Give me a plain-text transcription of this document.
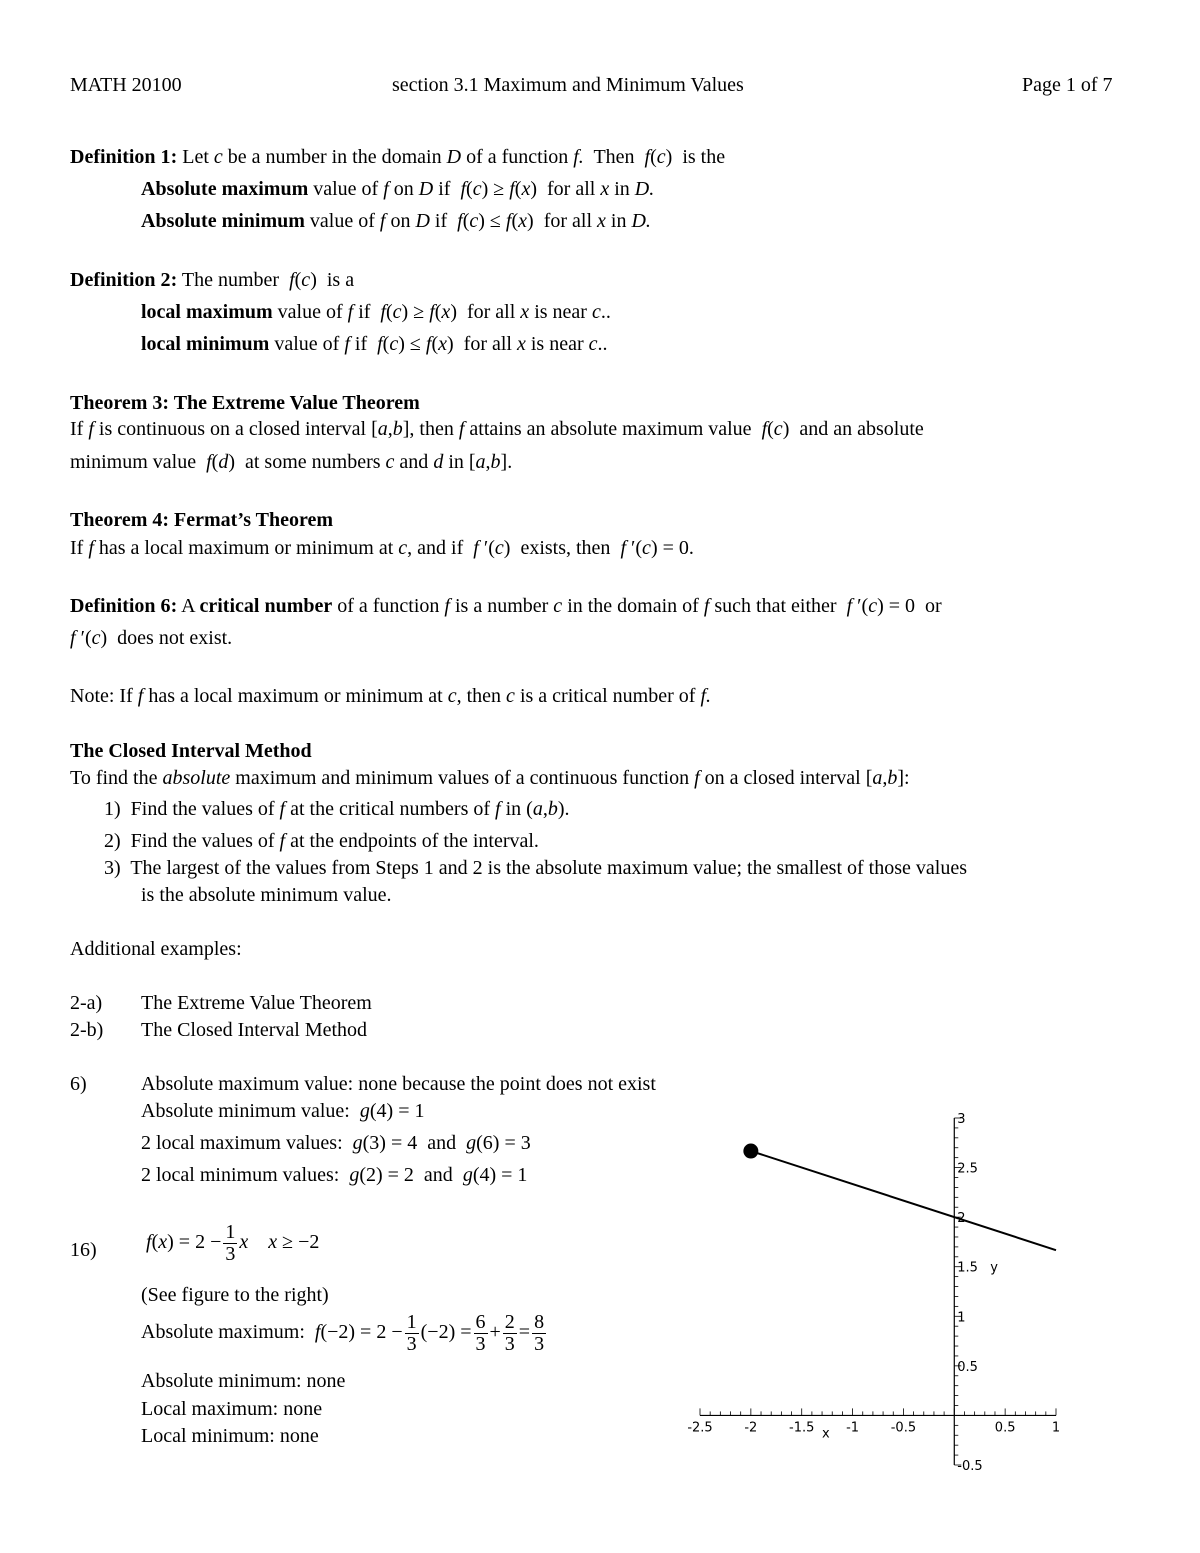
MATH 20100	section 3.1 Maximum and Minimum Values	Page 1 of 7
Definition 1: Let c be a number in the domain D of a function f. Then f(c)  is the
Absolute maximum value of f on D if f(c) ≥ f(x)  for all x in D.
Absolute minimum value of f on D if f(c) ≤ f(x)  for all x in D.
Definition 2: The number f(c)  is a
local maximum value of f if f(c) ≥ f(x)  for all x is near c..
local minimum value of f if f(c) ≤ f(x)  for all x is near c..
Theorem 3: The Extreme Value Theorem
If f is continuous on a closed interval [a,b], then f attains an absolute maximum value f(c)  and an absolute
minimum value f(d)  at some numbers c and d in [a,b].
Theorem 4: Fermat’s Theorem
If f has a local maximum or minimum at c, and if f ′(c)  exists, then f ′(c) = 0.
Definition 6: A critical number of a function f is a number c in the domain of f such that either f ′(c) = 0  or
f ′(c)  does not exist.
Note: If f has a local maximum or minimum at c, then c is a critical number of f.
The Closed Interval Method
To find the absolute maximum and minimum values of a continuous function f on a closed interval [a,b]:
1) Find the values of f at the critical numbers of f in (a,b).
2) Find the values of f at the endpoints of the interval.
3) The largest of the values from Steps 1 and 2 is the absolute maximum value; the smallest of those values
is the absolute minimum value.
Additional examples:
2-a) The Extreme Value Theorem
2-b) The Closed Interval Method
6)	Absolute maximum value: none because the point does not exist
Absolute minimum value: g(4) = 1
2 local maximum values: g(3) = 4  and g(6) = 3
2 local minimum values: g(2) = 2  and g(4) = 1
16) $f(x) = 2 - \frac{1}{3}$ x x ≥ −2
(See figure to the right)
Absolute maximum: $f(-2) = 2 - \frac{1}{3} (-2) = \frac{6}{3} + \frac{2}{3} = \frac{8}{3}$
Absolute minimum: none
Local maximum: none
Local minimum: none	-2.5 -2 -1.5 -1 -0.5	0.5	1
3
2.5
2
1.5
1
0.5
-0.5
x
y
